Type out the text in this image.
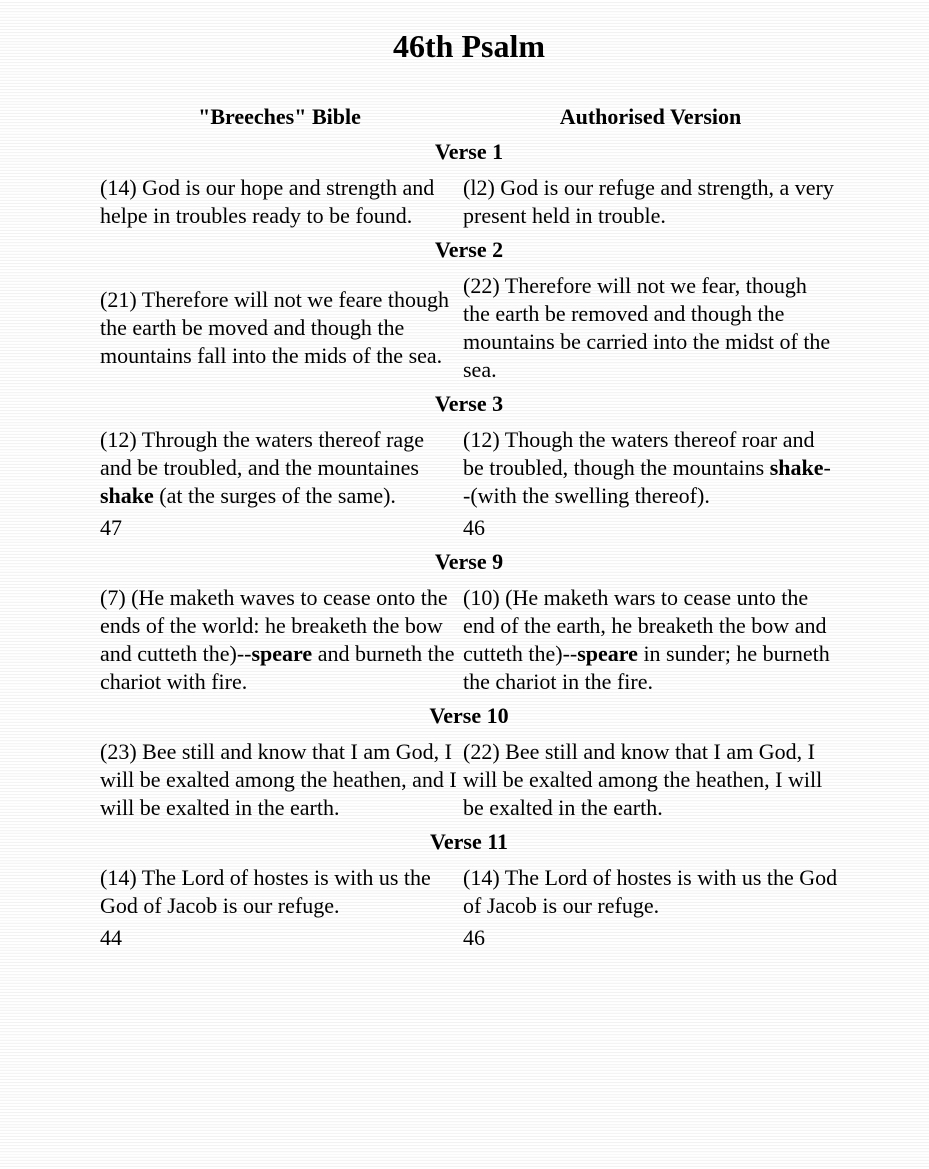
46th Psalm
"Breeches" Bible	Authorised Version
Verse 1	
(14) God is our hope and strength and helpe in troubles ready to be found.	(l2) God is our refuge and strength, a very present held in trouble.
Verse 2	
(21) Therefore will not we feare though the earth be moved and though the mountains fall into the mids of the sea.	(22) Therefore will not we fear, though the earth be removed and though the mountains be carried into the midst of the sea.
Verse 3	
(12) Through the waters thereof rage and be troubled, and the mountaines shake (at the surges of the same).	(12) Though the waters thereof roar and be troubled, though the mountains shake--(with the swelling thereof).
47	46
Verse 9	
(7) (He maketh waves to cease onto the ends of the world: he breaketh the bow and cutteth the)--speare and burneth the chariot with fire.	(10) (He maketh wars to cease unto the end of the earth, he breaketh the bow and cutteth the)--speare in sunder; he burneth the chariot in the fire.
Verse 10	
(23) Bee still and know that I am God, I will be exalted among the heathen, and I will be exalted in the earth.	(22) Bee still and know that I am God, I will be exalted among the heathen, I will be exalted in the earth.
Verse 11	
(14) The Lord of hostes is with us the God of Jacob is our refuge.	(14) The Lord of hostes is with us the God of Jacob is our refuge.
44	46
